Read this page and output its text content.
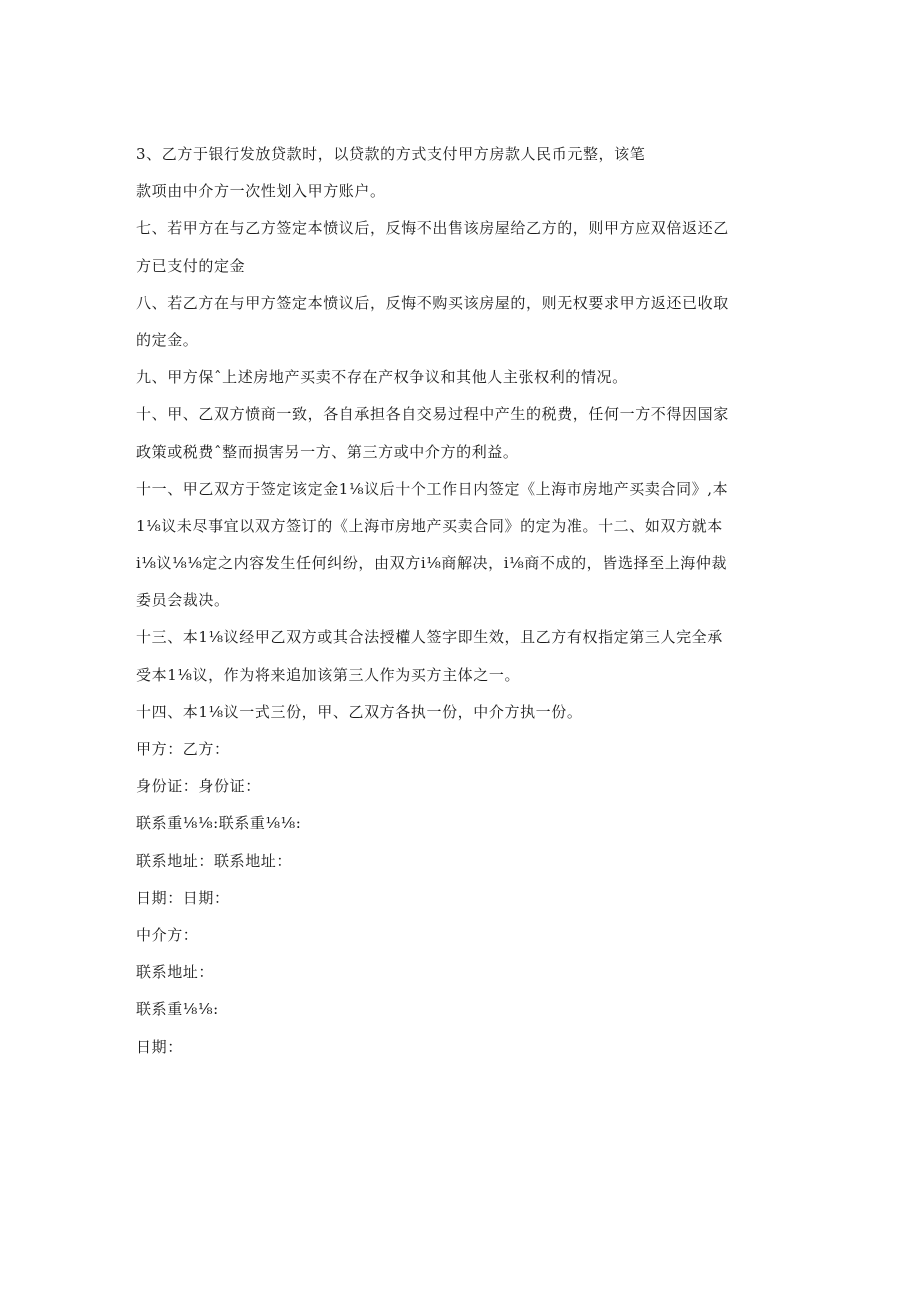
3、乙方于银行发放贷款时，以贷款的方式支付甲方房款人民币元整，该笔
款项由中介方一次性划入甲方账户。
七、若甲方在与乙方签定本愤议后，反悔不出售该房屋给乙方的，则甲方应双倍返还乙
方已支付的定金
八、若乙方在与甲方签定本愤议后，反悔不购买该房屋的，则无权要求甲方返还已收取
的定金。
九、甲方保ˆ上述房地产买卖不存在产权争议和其他人主张权利的情况。
十、甲、乙双方愤商一致，各自承担各自交易过程中产生的税费，任何一方不得因国家
政策或税费ˆ整而损害另一方、第三方或中介方的利益。
十一、甲乙双方于签定该定金1⅛议后十个工作日内签定《上海市房地产买卖合同》,本
1⅛议未尽事宜以双方签订的《上海市房地产买卖合同》的定为准。十二、如双方就本
i⅛议⅛⅛定之内容发生任何纠纷，由双方i⅛商解决，i⅛商不成的，皆选择至上海仲裁
委员会裁决。
十三、本1⅛议经甲乙双方或其合法授權人签字即生效，且乙方有权指定第三人完全承
受本1⅛议，作为将来追加该第三人作为买方主体之一。
十四、本1⅛议一式三份，甲、乙双方各执一份，中介方执一份。
甲方：乙方：
身份证：身份证：
联系重⅛⅛:联系重⅛⅛:
联系地址：联系地址：
日期：日期：
中介方：
联系地址：
联系重⅛⅛:
日期：
